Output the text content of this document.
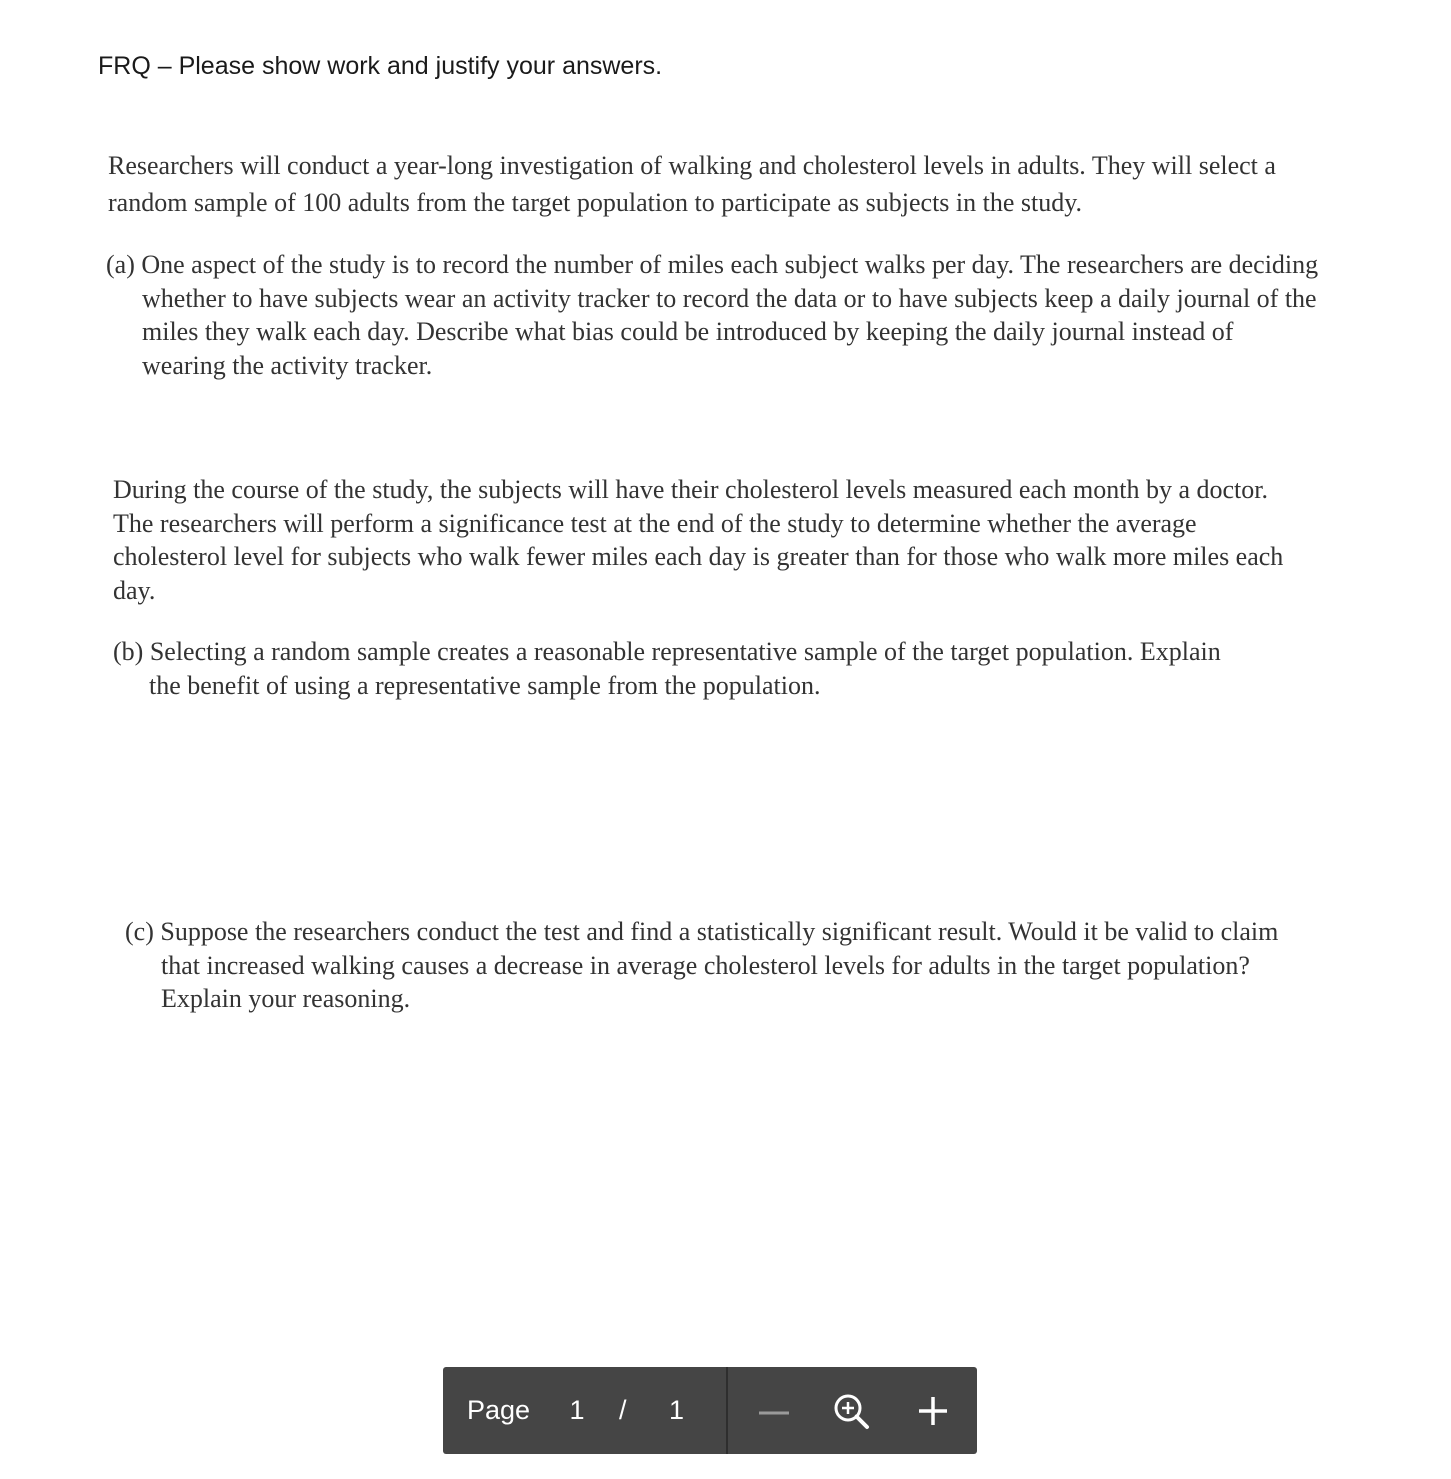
FRQ – Please show work and justify your answers.

Researchers will conduct a year-long investigation of walking and cholesterol levels in adults. They will select a random sample of 100 adults from the target population to participate as subjects in the study.

(a) One aspect of the study is to record the number of miles each subject walks per day. The researchers are deciding whether to have subjects wear an activity tracker to record the data or to have subjects keep a daily journal of the miles they walk each day. Describe what bias could be introduced by keeping the daily journal instead of wearing the activity tracker.

During the course of the study, the subjects will have their cholesterol levels measured each month by a doctor. The researchers will perform a significance test at the end of the study to determine whether the average cholesterol level for subjects who walk fewer miles each day is greater than for those who walk more miles each day.

(b) Selecting a random sample creates a reasonable representative sample of the target population. Explain the benefit of using a representative sample from the population.

(c) Suppose the researchers conduct the test and find a statistically significant result. Would it be valid to claim that increased walking causes a decrease in average cholesterol levels for adults in the target population? Explain your reasoning.

Page 1 / 1
